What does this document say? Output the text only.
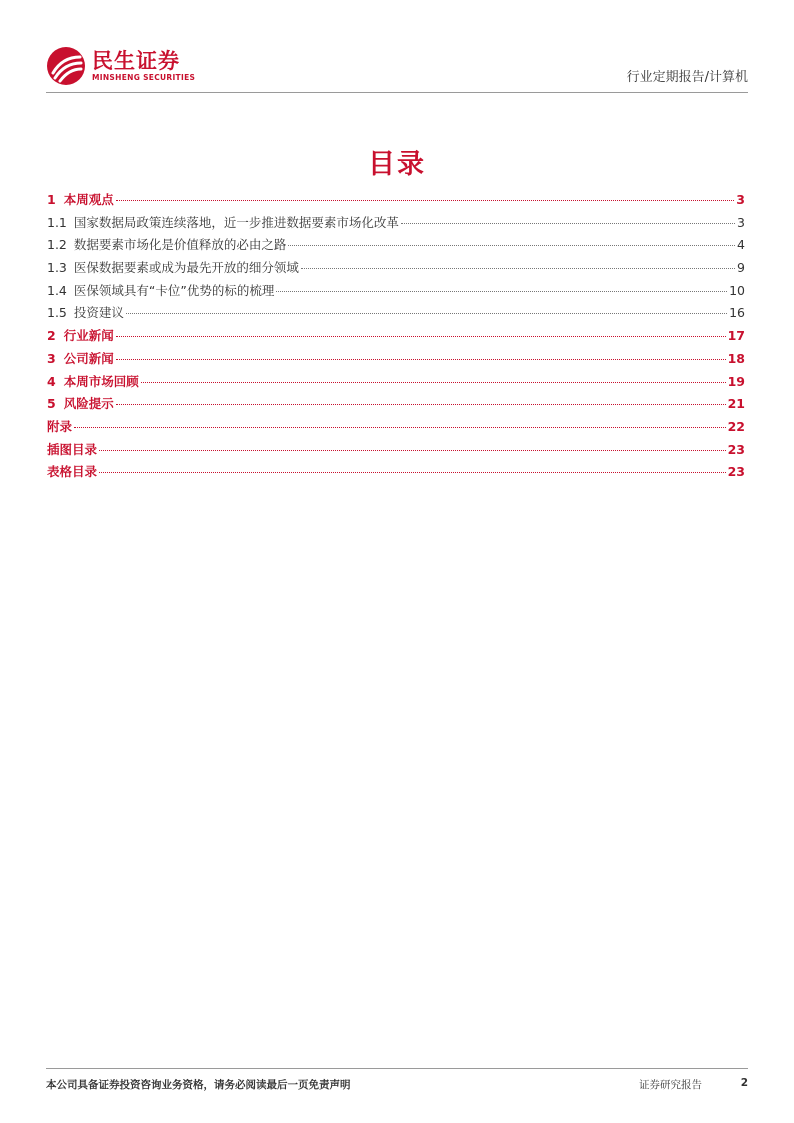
民生证券
MINSHENG SECURITIES	行业定期报告/计算机
目录
1 本周观点	3
1.1 国家数据局政策连续落地，近一步推进数据要素市场化改革	3
1.2 数据要素市场化是价值释放的必由之路	4
1.3 医保数据要素或成为最先开放的细分领域	9
1.4 医保领域具有“卡位”优势的标的梳理	10
1.5 投资建议	16
2 行业新闻	17
3 公司新闻	18
4 本周市场回顾	19
5 风险提示	21
附录	22
插图目录	23
表格目录	23
本公司具备证券投资咨询业务资格，请务必阅读最后一页免责声明	证券研究报告	2
